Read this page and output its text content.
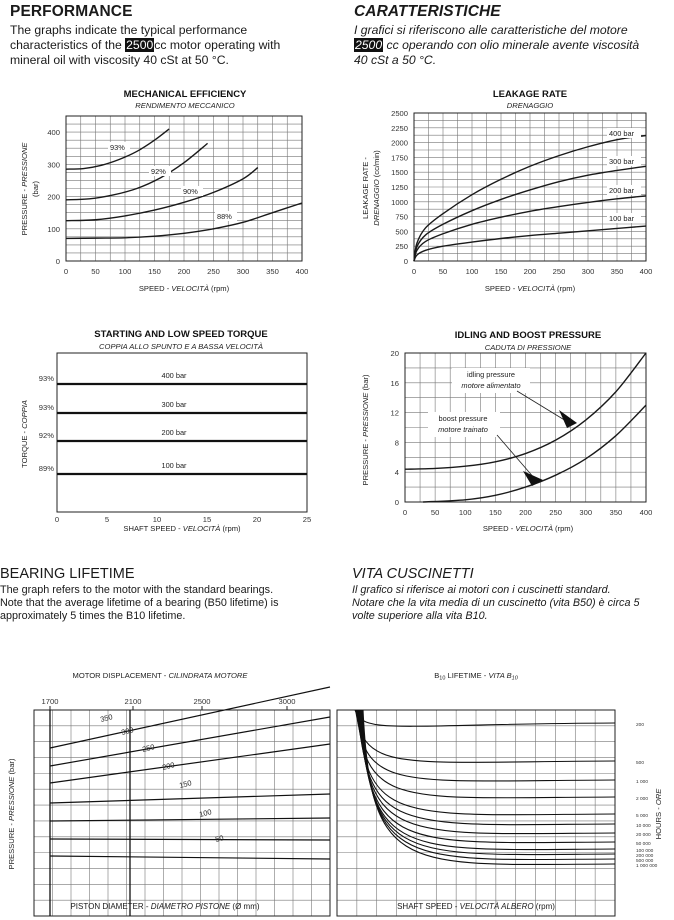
PERFORMANCE
The graphs indicate the typical performance
characteristics of the 2500cc motor operating with
mineral oil with viscosity 40 cSt at 50 °C.
CARATTERISTICHE
I grafici si riferiscono alle caratteristiche del motore
2500 cc operando con olio minerale avente viscosità
40 cSt a 50 °C.
BEARING LIFETIME
The graph refers to the motor with the standard bearings.
Note that the average lifetime of a bearing (B50 lifetime) is
approximately 5 times the B10 lifetime.
VITA CUSCINETTI
Il grafico si riferisce ai motori con i cuscinetti standard.
Notare che la vita media di un cuscinetto (vita B50) è circa 5
volte superiore alla vita B10.
MECHANICAL EFFICIENCY
RENDIMENTO MECCANICO
93%
92%
90%
88%
0	50 100 150 200 250 300 350 400
0
100
200
300
400
SPEED - VELOCITÀ (rpm)
PRESSURE - PRESSIONE
(bar)
LEAKAGE RATE
DRENAGGIO
400 bar
300 bar
200 bar
100 bar
0	50 100 150 200 250 300 350 400
0
250
500
750
1000
1250
1500
1750
2000
2250
2500
SPEED - VELOCITÀ (rpm)
LEAKAGE RATE - DRENAGGIO (cc/min)
STARTING AND LOW SPEED TORQUE
COPPIA ALLO SPUNTO E A BASSA VELOCITÀ
400 bar
300 bar
200 bar
100 bar
0	5	10	15	20	25
93%
93%
92%
89%
SHAFT SPEED - VELOCITÀ (rpm)
TORQUE - COPPIA
IDLING AND BOOST PRESSURE
CADUTA DI PRESSIONE
idling pressure
motore alimentato
boost pressure
motore trainato
0	50	100 150 200 250 300 350 400
0
4
8
12
16
20
SPEED - VELOCITÀ (rpm)
PRESSURE - PRESSIONE (bar)
MOTOR DISPLACEMENT - CILINDRATA MOTORE	B10 LIFETIME - VITA B10
1700	2100	2500	3000
350
300
250
200
150
100
50
200
500
1 000
2 000
5 000
10 000
20 000
50 000
100 000
200 000
500 000
1 000 000
PRESSURE - PRESSIONE (bar)
HOURS - ORE
PISTON DIAMETER - DIAMETRO PISTONE (Ø mm)	SHAFT SPEED - VELOCITÀ ALBERO (rpm)
